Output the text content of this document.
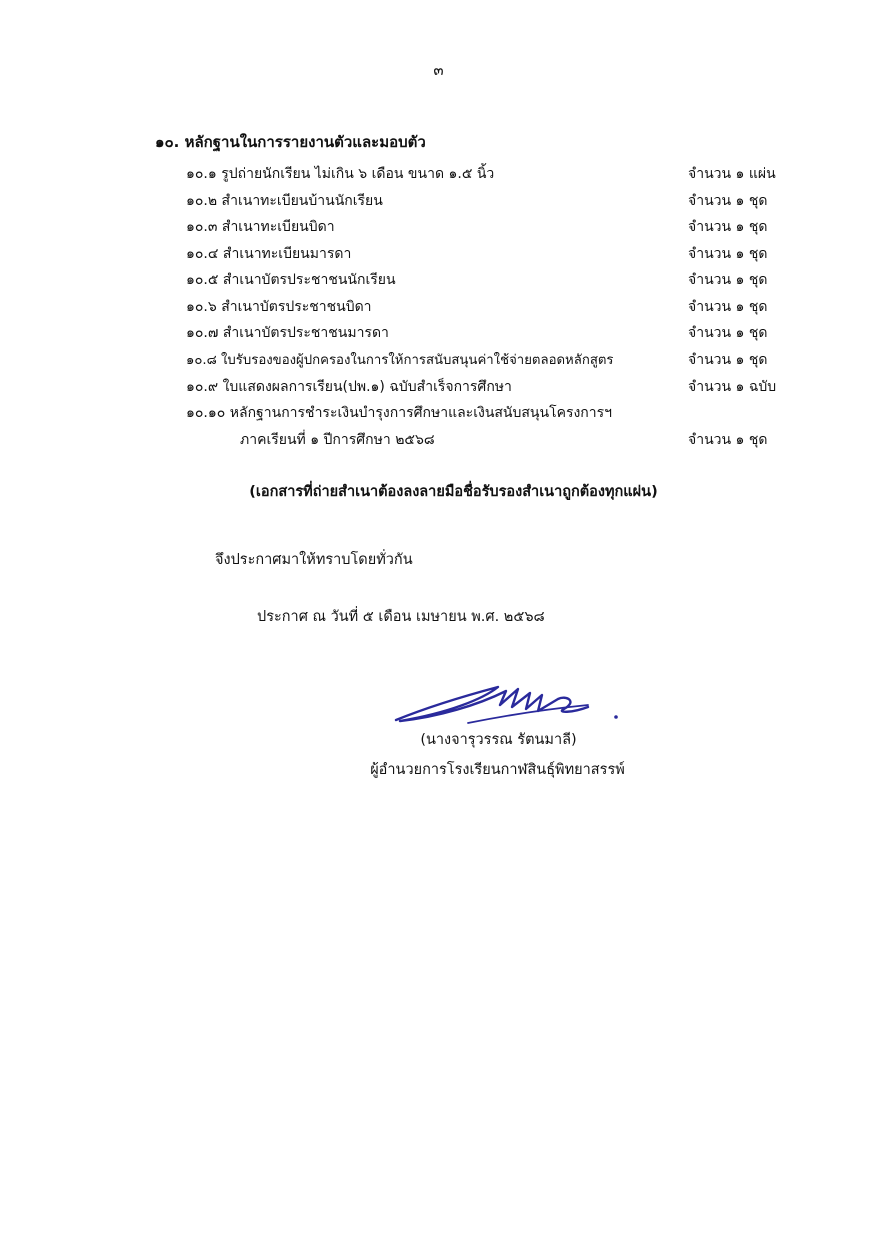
๓
๑๐. หลักฐานในการรายงานตัวและมอบตัว
๑๐.๑ รูปถ่ายนักเรียน ไม่เกิน ๖ เดือน ขนาด ๑.๕ นิ้ว	จำนวน ๑ แผ่น
๑๐.๒ สำเนาทะเบียนบ้านนักเรียน	จำนวน ๑ ชุด
๑๐.๓ สำเนาทะเบียนบิดา	จำนวน ๑ ชุด
๑๐.๔ สำเนาทะเบียนมารดา	จำนวน ๑ ชุด
๑๐.๕ สำเนาบัตรประชาชนนักเรียน	จำนวน ๑ ชุด
๑๐.๖ สำเนาบัตรประชาชนบิดา	จำนวน ๑ ชุด
๑๐.๗ สำเนาบัตรประชาชนมารดา	จำนวน ๑ ชุด
๑๐.๘ ใบรับรองของผู้ปกครองในการให้การสนับสนุนค่าใช้จ่ายตลอดหลักสูตร	จำนวน ๑ ชุด
๑๐.๙ ใบแสดงผลการเรียน(ปพ.๑) ฉบับสำเร็จการศึกษา	จำนวน ๑ ฉบับ
๑๐.๑๐ หลักฐานการชำระเงินบำรุงการศึกษาและเงินสนับสนุนโครงการฯ
ภาคเรียนที่ ๑ ปีการศึกษา ๒๕๖๘	จำนวน ๑ ชุด
(เอกสารที่ถ่ายสำเนาต้องลงลายมือชื่อรับรองสำเนาถูกต้องทุกแผ่น)
จึงประกาศมาให้ทราบโดยทั่วกัน
ประกาศ ณ วันที่ ๕ เดือน เมษายน พ.ศ. ๒๕๖๘
(นางจารุวรรณ รัตนมาลี)
ผู้อำนวยการโรงเรียนกาฬสินธุ์พิทยาสรรพ์
